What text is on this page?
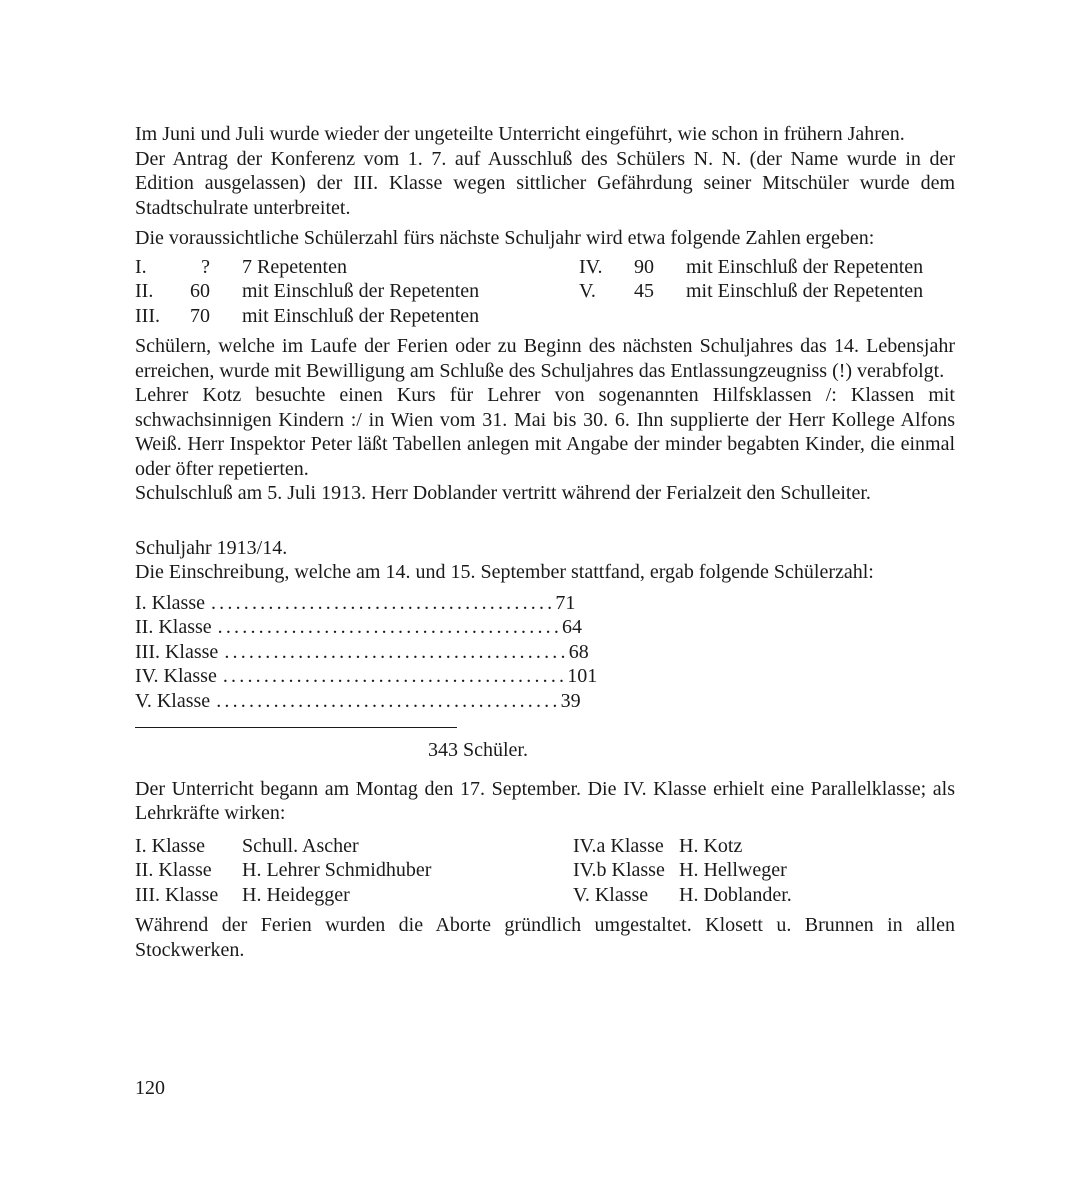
Im Juni und Juli wurde wieder der ungeteilte Unterricht eingeführt, wie schon in frühern Jahren.

Der Antrag der Konferenz vom 1. 7. auf Ausschluß des Schülers N. N. (der Name wurde in der Edition ausgelassen) der III. Klasse wegen sittlicher Gefährdung seiner Mitschüler wurde dem Stadtschulrate unterbreitet.

Die voraussichtliche Schülerzahl fürs nächste Schuljahr wird etwa folgende Zahlen ergeben:

I.	?	7 Repetenten	IV.	90	mit Einschluß der Repetenten
II.	60	mit Einschluß der Repetenten	V.	45	mit Einschluß der Repetenten
III.	70	mit Einschluß der Repetenten

Schülern, welche im Laufe der Ferien oder zu Beginn des nächsten Schuljahres das 14. Lebensjahr erreichen, wurde mit Bewilligung am Schluße des Schuljahres das Entlassungzeugniss (!) verabfolgt.

Lehrer Kotz besuchte einen Kurs für Lehrer von sogenannten Hilfsklassen /: Klassen mit schwachsinnigen Kindern :/ in Wien vom 31. Mai bis 30. 6. Ihn supplierte der Herr Kollege Alfons Weiß. Herr Inspektor Peter läßt Tabellen anlegen mit Angabe der minder begabten Kinder, die einmal oder öfter repetierten.

Schulschluß am 5. Juli 1913. Herr Doblander vertritt während der Ferialzeit den Schulleiter.

Schuljahr 1913/14.

Die Einschreibung, welche am 14. und 15. September stattfand, ergab folgende Schülerzahl:

I. Klasse .......................................... 71
II. Klasse .......................................... 64
III. Klasse .......................................... 68
IV. Klasse .......................................... 101
V. Klasse .......................................... 39
343 Schüler.

Der Unterricht begann am Montag den 17. September. Die IV. Klasse erhielt eine Parallelklasse; als Lehrkräfte wirken:

I. Klasse	Schull. Ascher	IV.a Klasse H. Kotz
II. Klasse	H. Lehrer Schmidhuber	IV.b Klasse H. Hellweger
III. Klasse	H. Heidegger	V. Klasse	H. Doblander.

Während der Ferien wurden die Aborte gründlich umgestaltet. Klosett u. Brunnen in allen Stockwerken.

120
